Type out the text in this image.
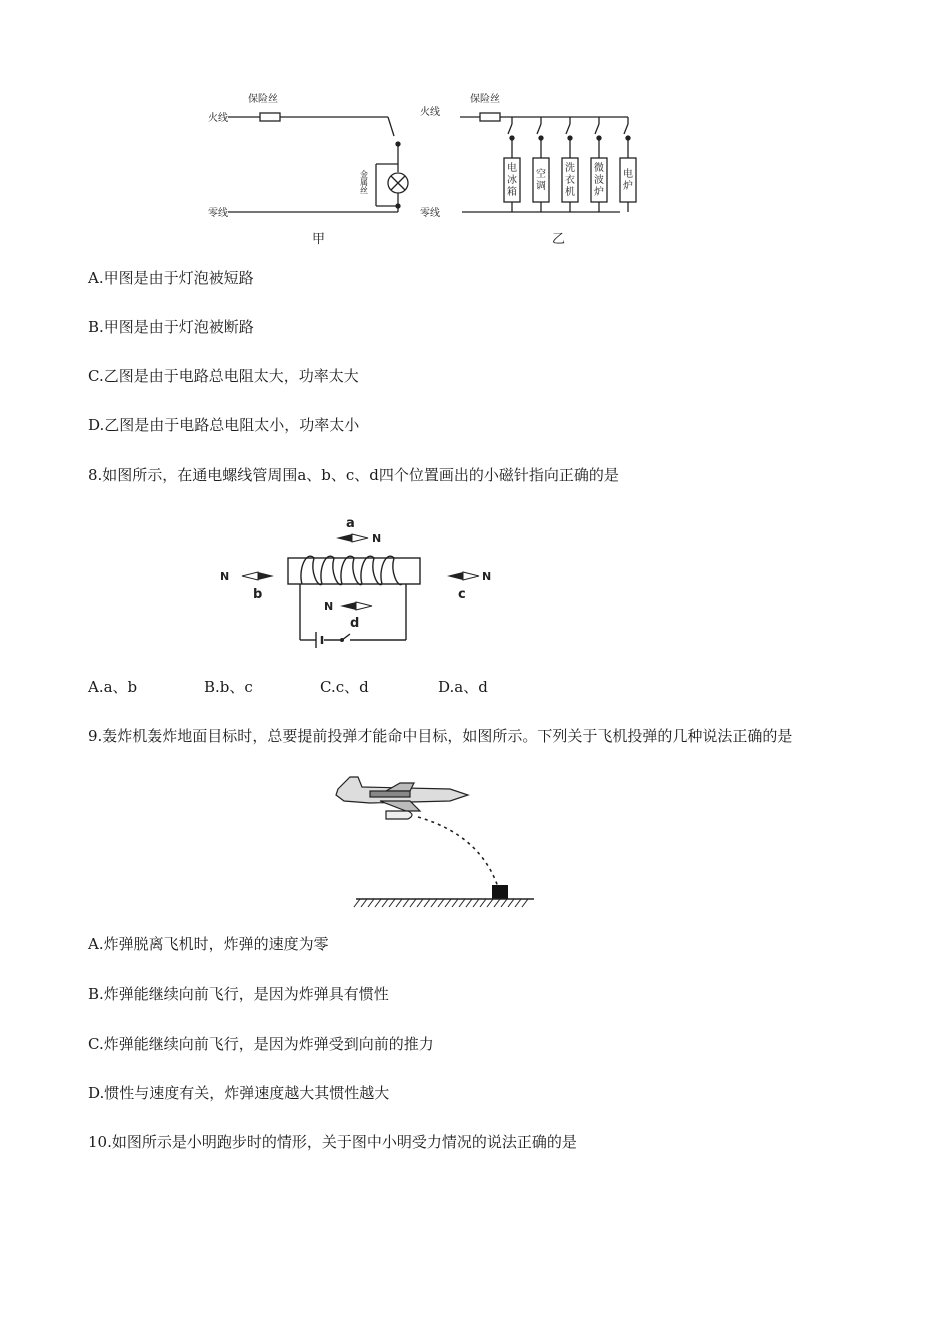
保险丝
火线
零线
保险丝
火线
零线
金属丝
甲	乙
电冰箱
空调
洗衣机
微波炉
电炉
A.甲图是由于灯泡被短路
B.甲图是由于灯泡被断路
C.乙图是由于电路总电阻太大，功率太大
D.乙图是由于电路总电阻太小，功率太小
8.如图所示，在通电螺线管周围a、b、c、d四个位置画出的小磁针指向正确的是
a
b	c
d
N
N	N
N
A.a、b	B.b、c	C.c、d	D.a、d
9.轰炸机轰炸地面目标时，总要提前投弹才能命中目标，如图所示。下列关于飞机投弹的几种说法正确的是
A.炸弹脱离飞机时，炸弹的速度为零
B.炸弹能继续向前飞行，是因为炸弹具有惯性
C.炸弹能继续向前飞行，是因为炸弹受到向前的推力
D.惯性与速度有关，炸弹速度越大其惯性越大
10.如图所示是小明跑步时的情形，关于图中小明受力情况的说法正确的是
